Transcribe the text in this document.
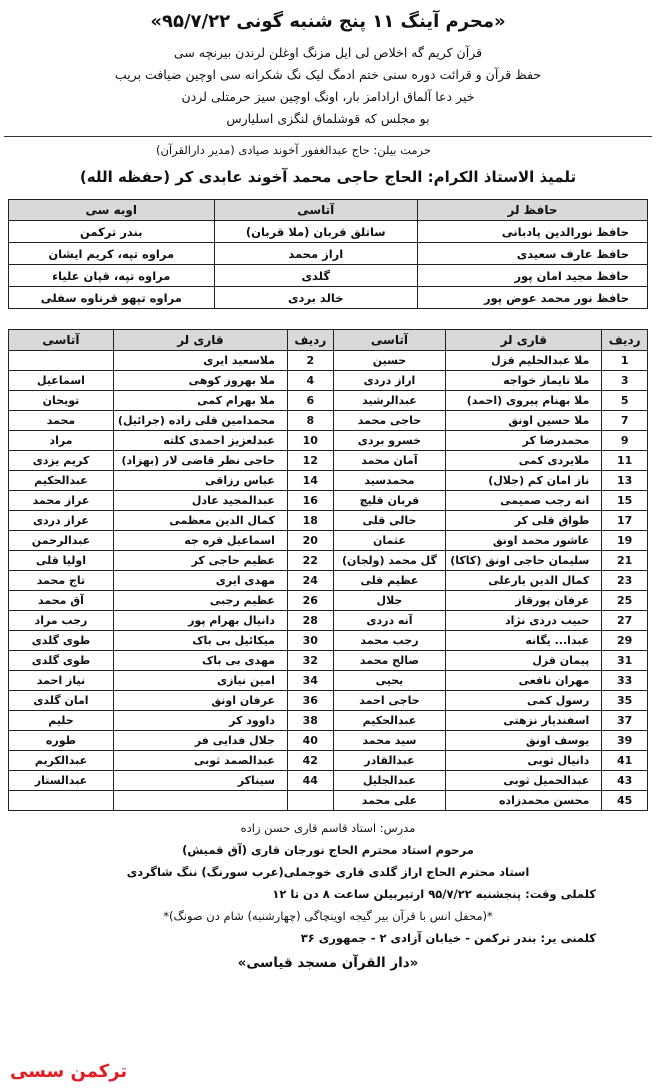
«محرم آینگ ۱۱ پنج شنبه گونی ۹۵/۷/۲۲»

قرآن کریم گه اخلاص لی ایل مزنگ اوغلن لرندن بیرنچه سی

حفظ قرآن و قرائت دوره سنی ختم ادمگ لیک نگ شکرانه سی اوچین ضیافت بریب

خیر دعا آلماق ارادامز بار، اونگ اوچین سیز حرمتلی لردن

بو مجلس که قوشلماق لنگزی اسلیارس

حرمت بیلن: حاج عبدالغفور آخوند صیادی (مدیر دارالقرآن)
تلمیذ الاستاذ الکرام: الحاج حاجی محمد آخوند عابدی کر (حفظه الله)
حافظ لر	آتاسی	اوبه سی
حافظ نورالدین پادبانی	ساتلق قربان (ملا قربان)	بندر ترکمن
حافظ عارف سعیدی	اراز محمد	مراوه تپه، کریم ایشان
حافظ مجید امان پور	گلدی	مراوه تپه، قپان علیاء
حافظ نور محمد عوض پور	خالد بردی	مراوه تپهو قرناوه سفلی
ردیف	قاری لر	آتاسی	ردیف	قاری لر	آتاسی
1	ملا عبدالحلیم قزل	حسین	2	ملاسعید ایری	
3	ملا تایماز خواجه	اراز دردی	4	ملا بهروز کوهی	اسماعیل
5	ملا بهنام پیروی (احمد)	عبدالرشید	6	ملا بهرام کمی	تویحان
7	ملا حسین اونق	حاجی محمد	8	محمدامین قلی زاده (جرائیل)	محمد
9	محمدرضا کر	خسرو بردی	10	عبدلعزیز احمدی کلته	مراد
11	ملایردی کمی	آمان محمد	12	حاجی نظر قاضی لار (بهزاد)	کریم یزدی
13	ناز امان کم (جلال)	محمدسید	14	عباس رزاقی	عبدالحکیم
15	انه رجب صمیمی	قربان قلیچ	16	عبدالمجید عادل	عراز محمد
17	طواق قلی کر	حالی قلی	18	کمال الدین معظمی	عراز دردی
19	عاشور محمد اونق	عثمان	20	اسماعیل قره جه	عبدالرحمن
21	سلیمان حاجی اونق (کاکا)	گل محمد (ولجان)	22	عظیم حاجی کر	اولیا قلی
23	کمال الدین یارعلی	عظیم قلی	24	مهدی ایری	تاج محمد
25	عرفان پورقاز	جلال	26	عظیم رجبی	آق محمد
27	حبیب دردی نژاد	آنه دردی	28	دانیال بهرام پور	رجب مراد
29	عبدا... یگانه	رجب محمد	30	میکائیل بی باک	طوی گلدی
31	پیمان قزل	صالح محمد	32	مهدی بی باک	طوی گلدی
33	مهران نافعی	یحیی	34	امین نیازی	نیاز احمد
35	رسول کمی	حاجی احمد	36	عرفان اونق	امان گلدی
37	اسفندیار نزهتی	عبدالحکیم	38	داوود کر	حلیم
39	یوسف اونق	سید محمد	40	جلال فدایی فر	طوره
41	دانیال ثوبی	عبدالقادر	42	عبدالصمد ثوبی	عبدالکریم
43	عبدالحمیل ثوبی	عبدالجلیل	44	سیناکر	عبدالستار
45	محسن محمدزاده	علی محمد			
مدرس: استاد قاسم قاری حسن زاده
مرحوم استاد محترم الحاج نورجان قاری (آق قمیش)
استاد محترم الحاج اراز گلدی قاری خوجملی(عرب سورنگ) ننگ شاگردی
کلملی وقت: پنجشنبه ۹۵/۷/۲۲ ارتیربیلن ساعت ۸ دن تا ۱۲
*(محفل انس با قرآن بیر گیجه اوینچاگی (چهارشنبه) شام دن صونگ)*
کلمنی یر: بندر ترکمن - خیابان آزادی ۲ - جمهوری ۳۶
«دار القرآن مسجد قیاسی»
ترکمن سسی
